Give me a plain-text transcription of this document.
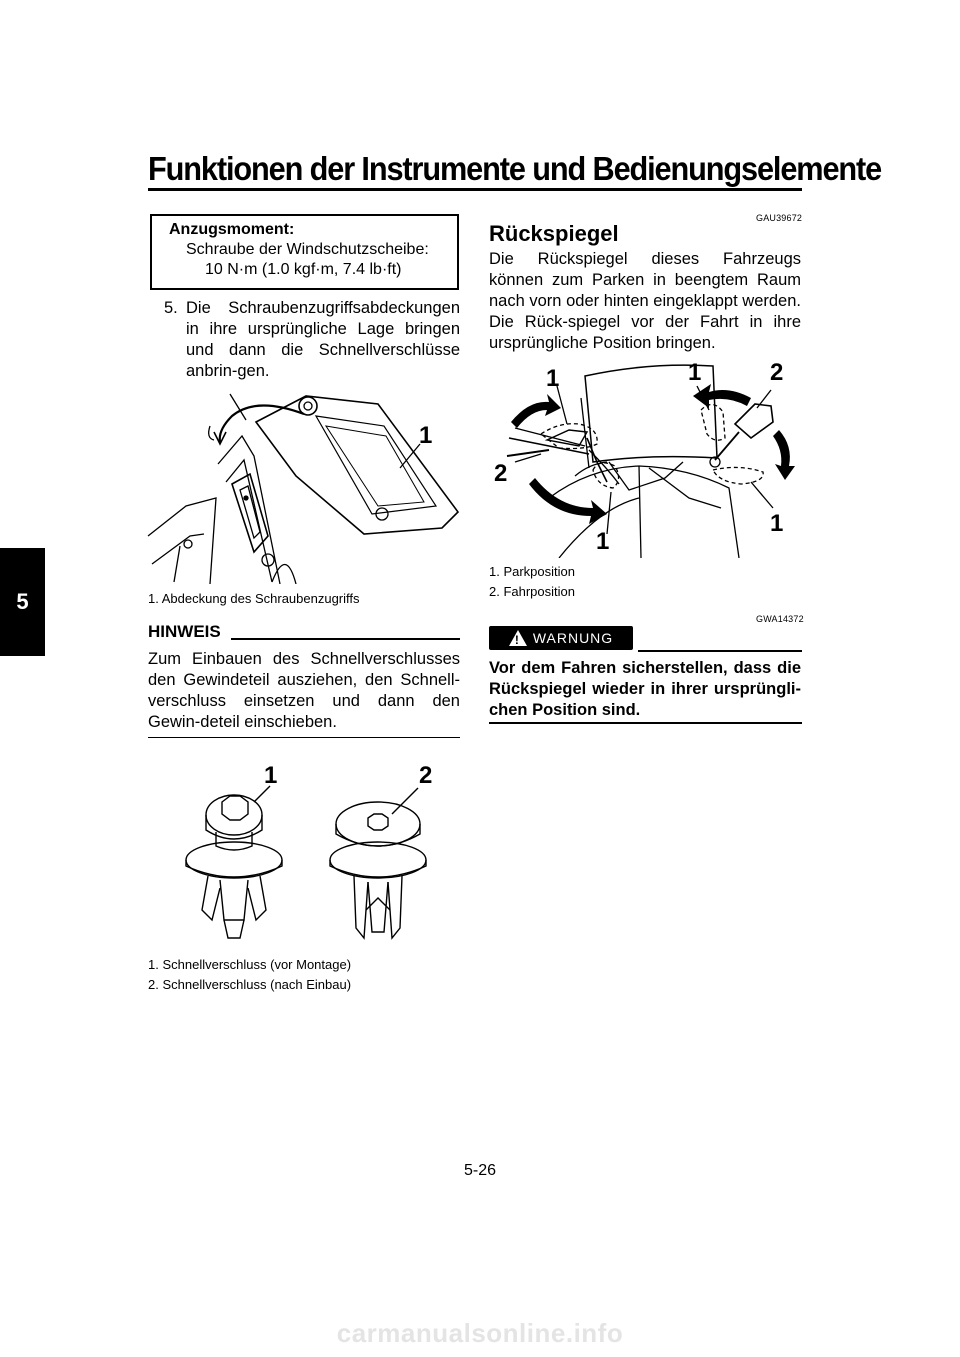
Funktionen der Instrumente und Bedienungselemente
5
Anzugsmoment:
Schraube der Windschutzscheibe:
10 N·m (1.0 kgf·m, 7.4 lb·ft)
5. Die Schraubenzugriffsabdeckungen in ihre ursprüngliche Lage bringen und dann die Schnellverschlüsse anbrin-gen.
1
1. Abdeckung des Schraubenzugriffs
HINWEIS
Zum Einbauen des Schnellverschlusses den Gewindeteil ausziehen, den Schnell-verschluss einsetzen und dann den Gewin-deteil einschieben.
1	2
1. Schnellverschluss (vor Montage)
2. Schnellverschluss (nach Einbau)
GAU39672
Rückspiegel
Die Rückspiegel dieses Fahrzeugs können zum Parken in beengtem Raum nach vorn oder hinten eingeklappt werden. Die Rück-spiegel vor der Fahrt in ihre ursprüngliche Position bringen.
1	1	2
2
1
1
1. Parkposition
2. Fahrposition
GWA14372
! WARNUNG
Vor dem Fahren sicherstellen, dass die Rückspiegel wieder in ihrer ursprüngli-chen Position sind.
5-26
carmanualsonline.info
